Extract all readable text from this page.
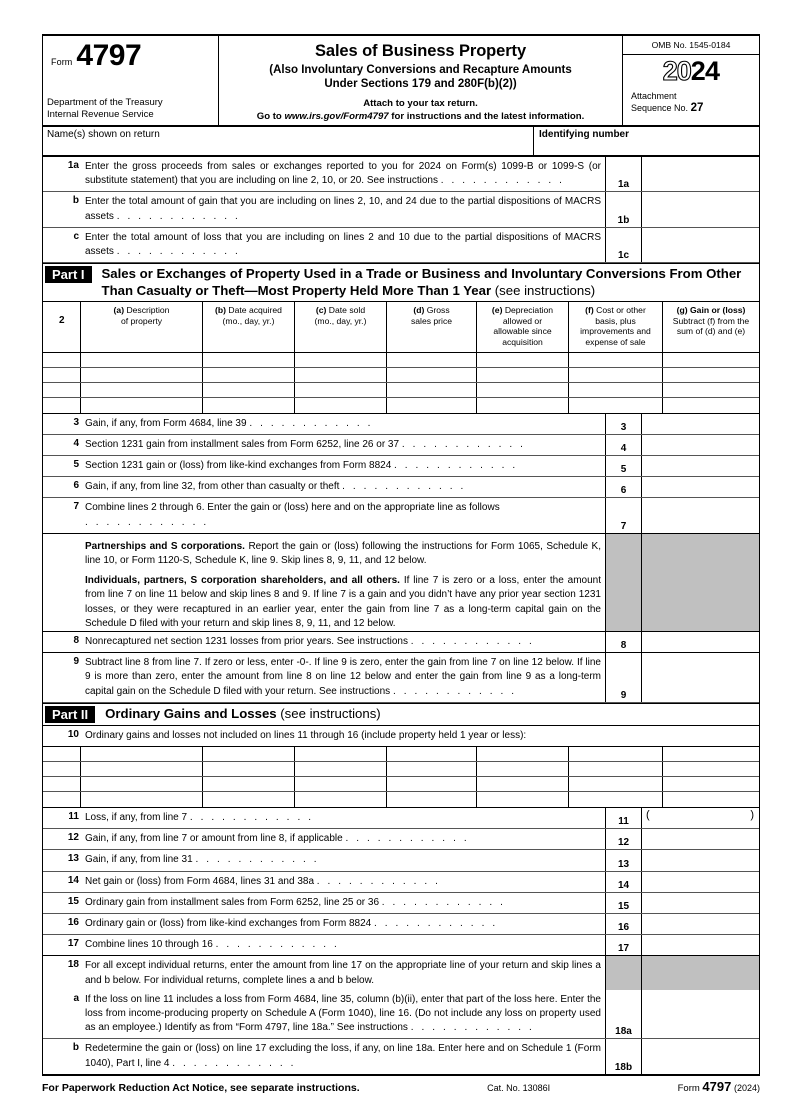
Form 4797
Department of the Treasury
Internal Revenue Service
Sales of Business Property
(Also Involuntary Conversions and Recapture Amounts
Under Sections 179 and 280F(b)(2))
Attach to your tax return.
Go to www.irs.gov/Form4797 for instructions and the latest information.
OMB No. 1545-0184
2024
Attachment
Sequence No. 27
Name(s) shown on return	Identifying number
1a Enter the gross proceeds from sales or exchanges reported to you for 2024 on Form(s) 1099-B or 1099-S (or substitute statement) that you are including on line 2, 10, or 20. See instructions . . . . . . . . . . . .	1a
b Enter the total amount of gain that you are including on lines 2, 10, and 24 due to the partial dispositions of MACRS assets . . . . . . . . . . . .	1b
c Enter the total amount of loss that you are including on lines 2 and 10 due to the partial dispositions of MACRS assets . . . . . . . . . . . .	1c
Part I	Sales or Exchanges of Property Used in a Trade or Business and Involuntary Conversions From Other
Than Casualty or Theft—Most Property Held More Than 1 Year (see instructions)
2
(a) Description
of property
(b) Date acquired
(mo., day, yr.)
(c) Date sold
(mo., day, yr.)
(d) Gross
sales price
(e) Depreciation
allowed or
allowable since
acquisition
(f) Cost or other
basis, plus
improvements and
expense of sale
(g) Gain or (loss)
Subtract (f) from the
sum of (d) and (e)
3 Gain, if any, from Form 4684, line 39 . . . . . . . . . . . .	3
4 Section 1231 gain from installment sales from Form 6252, line 26 or 37 . . . . . . . . . . . .	4
5 Section 1231 gain or (loss) from like-kind exchanges from Form 8824 . . . . . . . . . . . .	5
6 Gain, if any, from line 32, from other than casualty or theft . . . . . . . . . . . .	6
7 Combine lines 2 through 6. Enter the gain or (loss) here and on the appropriate line as follows . . . . . . . . . . . .	7
Partnerships and S corporations. Report the gain or (loss) following the instructions for Form 1065, Schedule K, line 10, or Form 1120-S, Schedule K, line 9. Skip lines 8, 9, 11, and 12 below.
Individuals, partners, S corporation shareholders, and all others. If line 7 is zero or a loss, enter the amount from line 7 on line 11 below and skip lines 8 and 9. If line 7 is a gain and you didn’t have any prior year section 1231 losses, or they were recaptured in an earlier year, enter the gain from line 7 as a long-term capital gain on the Schedule D filed with your return and skip lines 8, 9, 11, and 12 below.
8 Nonrecaptured net section 1231 losses from prior years. See instructions . . . . . . . . . . . .	8
9 Subtract line 8 from line 7. If zero or less, enter -0-. If line 9 is zero, enter the gain from line 7 on line 12 below. If line 9 is more than zero, enter the amount from line 8 on line 12 below and enter the gain from line 9 as a long-term capital gain on the Schedule D filed with your return. See instructions . . . . . . . . . . . .	9
Part II	Ordinary Gains and Losses (see instructions)
10 Ordinary gains and losses not included on lines 11 through 16 (include property held 1 year or less):
11 Loss, if any, from line 7 . . . . . . . . . . . .	11
( )
12 Gain, if any, from line 7 or amount from line 8, if applicable . . . . . . . . . . . .	12
13 Gain, if any, from line 31 . . . . . . . . . . . .	13
14 Net gain or (loss) from Form 4684, lines 31 and 38a . . . . . . . . . . . .	14
15 Ordinary gain from installment sales from Form 6252, line 25 or 36 . . . . . . . . . . . .	15
16 Ordinary gain or (loss) from like-kind exchanges from Form 8824 . . . . . . . . . . . .	16
17 Combine lines 10 through 16 . . . . . . . . . . . .	17
18 For all except individual returns, enter the amount from line 17 on the appropriate line of your return and skip lines a and b below. For individual returns, complete lines a and b below.
a If the loss on line 11 includes a loss from Form 4684, line 35, column (b)(ii), enter that part of the loss here. Enter the loss from income-producing property on Schedule A (Form 1040), line 16. (Do not include any loss on property used as an employee.) Identify as from “Form 4797, line 18a.” See instructions . . . . . . . . . . . .	18a
b Redetermine the gain or (loss) on line 17 excluding the loss, if any, on line 18a. Enter here and on Schedule 1 (Form 1040), Part I, line 4 . . . . . . . . . . . .	18b
For Paperwork Reduction Act Notice, see separate instructions.	Cat. No. 13086I	Form 4797 (2024)
